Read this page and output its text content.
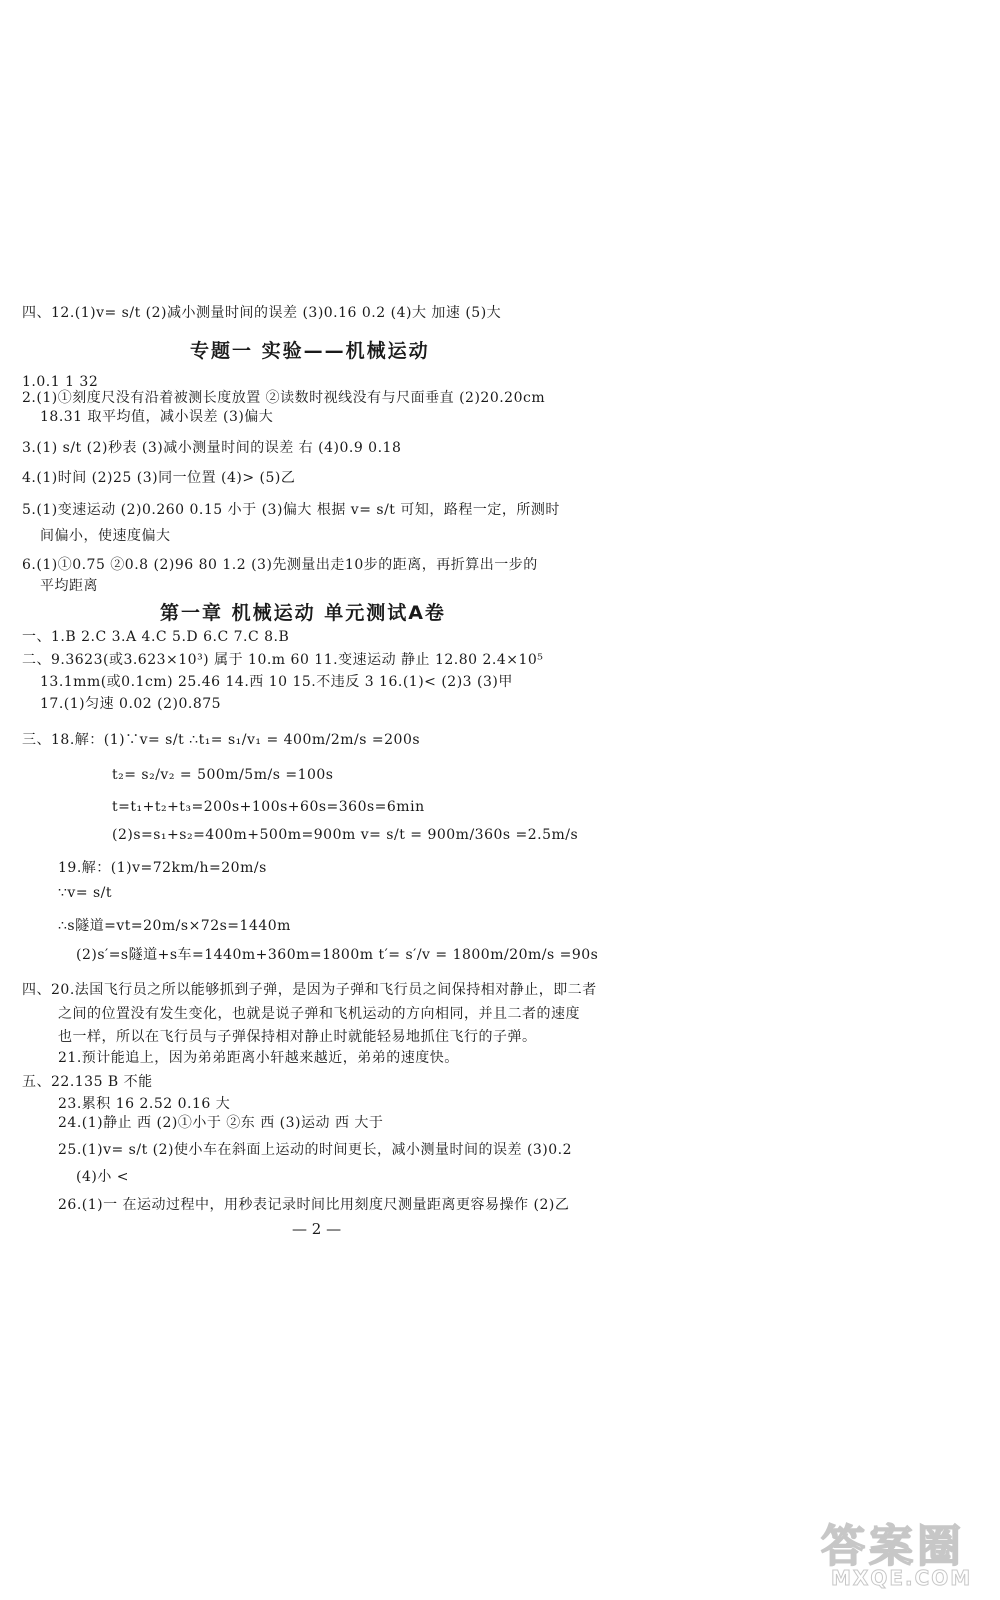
四、12.(1)v= s/t (2)减小测量时间的误差 (3)0.16 0.2 (4)大 加速 (5)大
专题一 实验——机械运动
1.0.1 1 32
2.(1)①刻度尺没有沿着被测长度放置 ②读数时视线没有与尺面垂直 (2)20.20cm
18.31 取平均值，减小误差 (3)偏大
3.(1) s/t (2)秒表 (3)减小测量时间的误差 右 (4)0.9 0.18
4.(1)时间 (2)25 (3)同一位置 (4)> (5)乙
5.(1)变速运动 (2)0.260 0.15 小于 (3)偏大 根据 v= s/t 可知，路程一定，所测时
间偏小，使速度偏大
6.(1)①0.75 ②0.8 (2)96 80 1.2 (3)先测量出走10步的距离，再折算出一步的
平均距离
第一章 机械运动 单元测试A卷
一、1.B 2.C 3.A 4.C 5.D 6.C 7.C 8.B
二、9.3623(或3.623×10³) 属于 10.m 60 11.变速运动 静止 12.80 2.4×10⁵
13.1mm(或0.1cm) 25.46 14.西 10 15.不违反 3 16.(1)< (2)3 (3)甲
17.(1)匀速 0.02 (2)0.875
三、18.解：(1)∵v= s/t ∴t₁= s₁/v₁ = 400m/2m/s =200s
t₂= s₂/v₂ = 500m/5m/s =100s
t=t₁+t₂+t₃=200s+100s+60s=360s=6min
(2)s=s₁+s₂=400m+500m=900m v= s/t = 900m/360s =2.5m/s
19.解：(1)v=72km/h=20m/s
∵v= s/t
∴s隧道=vt=20m/s×72s=1440m
(2)s′=s隧道+s车=1440m+360m=1800m t′= s′/v = 1800m/20m/s =90s
四、20.法国飞行员之所以能够抓到子弹，是因为子弹和飞行员之间保持相对静止，即二者
之间的位置没有发生变化，也就是说子弹和飞机运动的方向相同，并且二者的速度
也一样，所以在飞行员与子弹保持相对静止时就能轻易地抓住飞行的子弹。
21.预计能追上，因为弟弟距离小轩越来越近，弟弟的速度快。
五、22.135 B 不能
23.累积 16 2.52 0.16 大
24.(1)静止 西 (2)①小于 ②东 西 (3)运动 西 大于
25.(1)v= s/t (2)使小车在斜面上运动的时间更长，减小测量时间的误差 (3)0.2
(4)小 <
26.(1)一 在运动过程中，用秒表记录时间比用刻度尺测量距离更容易操作 (2)乙
— 2 —
答案圈
MXQE.COM
